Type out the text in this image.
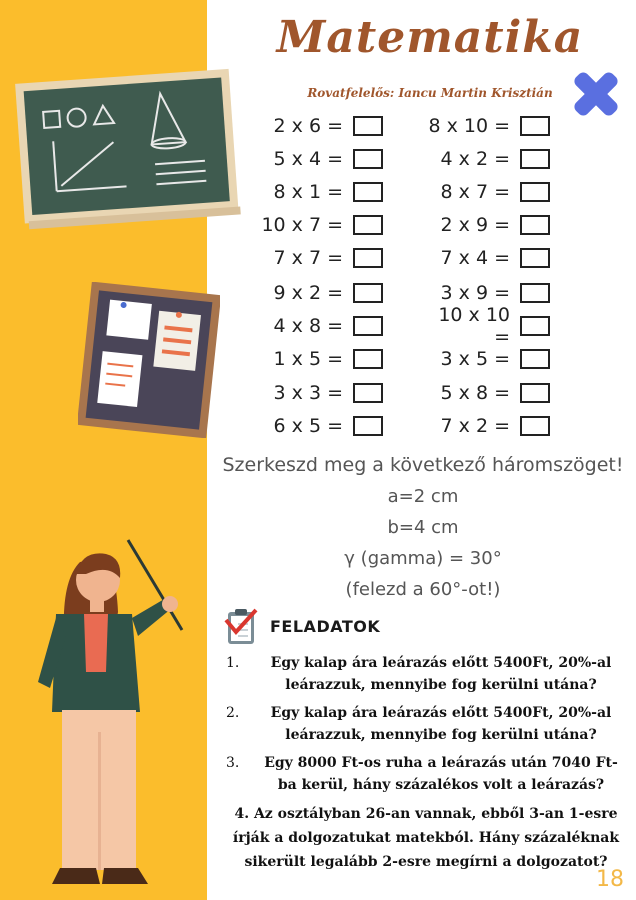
Matematika
Rovatfelelős: Iancu Martin Krisztián
2 x 6 =
5 x 4 =
8 x 1 =
10 x 7 =
7 x 7 =
9 x 2 =
4 x 8 =
1 x 5 =
3 x 3 =
6 x 5 =
8 x 10 =
4 x 2 =
8 x 7 =
2 x 9 =
7 x 4 =
3 x 9 =
10 x 10 =
3 x 5 =
5 x 8 =
7 x 2 =
Szerkeszd meg a következő háromszöget!
a=2 cm
b=4 cm
γ (gamma) = 30°
(felezd a 60°-ot!)
FELADATOK
1.	Egy kalap ára leárazás előtt 5400Ft, 20%-al leárazzuk, mennyibe fog kerülni utána?
2.	Egy kalap ára leárazás előtt 5400Ft, 20%-al leárazzuk, mennyibe fog kerülni utána?
3.	Egy 8000 Ft-os ruha a leárazás után 7040 Ft-ba kerül, hány százalékos volt a leárazás?
4. Az osztályban 26-an vannak, ebből 3-an 1-esre írják a dolgozatukat matekból. Hány százaléknak sikerült legalább 2-esre megírni a dolgozatot?
18
